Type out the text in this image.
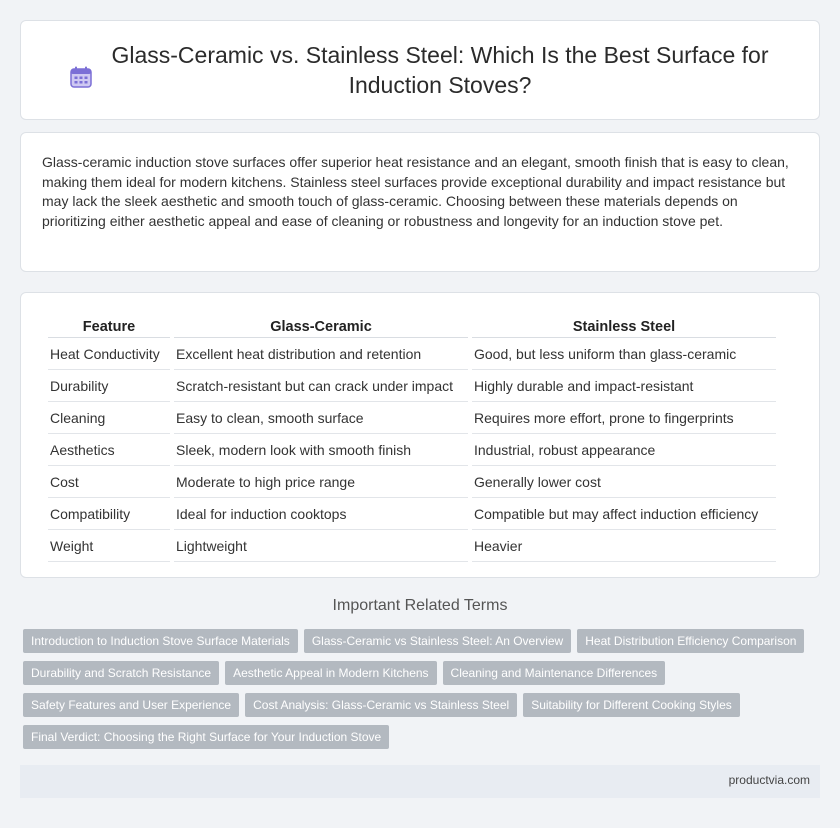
Glass-Ceramic vs. Stainless Steel: Which Is the Best Surface for Induction Stoves?

Glass-ceramic induction stove surfaces offer superior heat resistance and an elegant, smooth finish that is easy to clean, making them ideal for modern kitchens. Stainless steel surfaces provide exceptional durability and impact resistance but may lack the sleek aesthetic and smooth touch of glass-ceramic. Choosing between these materials depends on prioritizing either aesthetic appeal and ease of cleaning or robustness and longevity for an induction stove pet.

Feature	Glass-Ceramic	Stainless Steel
Heat Conductivity	Excellent heat distribution and retention	Good, but less uniform than glass-ceramic
Durability	Scratch-resistant but can crack under impact	Highly durable and impact-resistant
Cleaning	Easy to clean, smooth surface	Requires more effort, prone to fingerprints
Aesthetics	Sleek, modern look with smooth finish	Industrial, robust appearance
Cost	Moderate to high price range	Generally lower cost
Compatibility	Ideal for induction cooktops	Compatible but may affect induction efficiency
Weight	Lightweight	Heavier
Important Related Terms
Introduction to Induction Stove Surface Materials Glass-Ceramic vs Stainless Steel: An Overview Heat Distribution Efficiency ComparisonDurability and Scratch Resistance Aesthetic Appeal in Modern Kitchens Cleaning and Maintenance DifferencesSafety Features and User Experience Cost Analysis: Glass-Ceramic vs Stainless Steel Suitability for Different Cooking StylesFinal Verdict: Choosing the Right Surface for Your Induction Stove
productvia.com
